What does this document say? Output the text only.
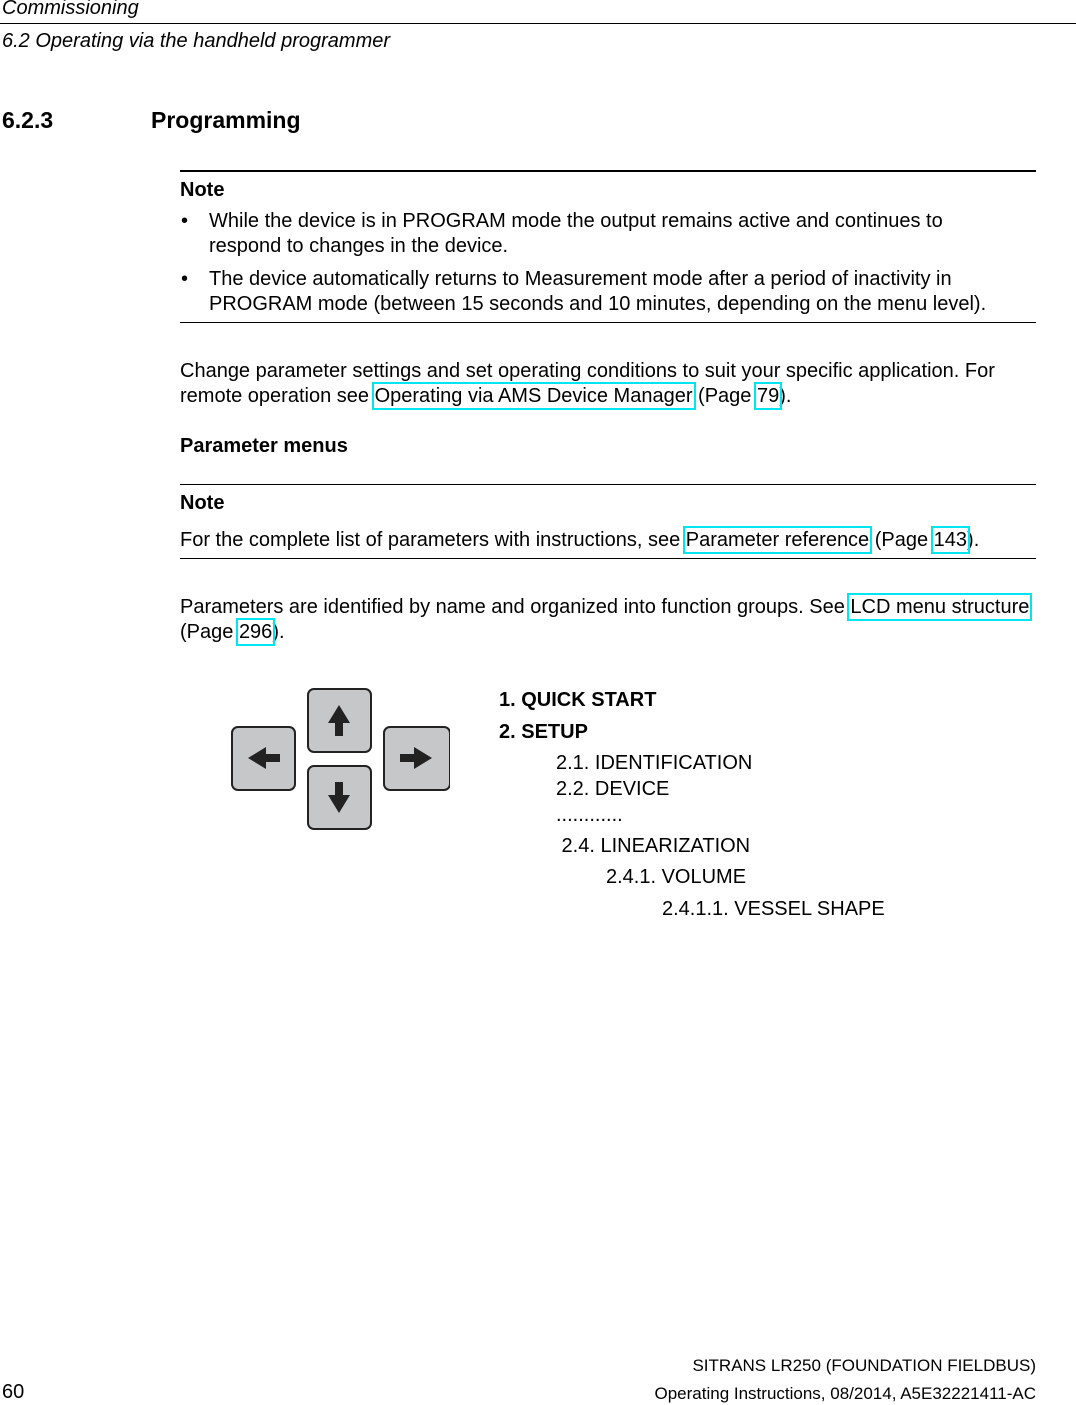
Commissioning
6.2 Operating via the handheld programmer
6.2.3	Programming
Note
• While the device is in PROGRAM mode the output remains active and continues to respond to changes in the device.
• The device automatically returns to Measurement mode after a period of inactivity in PROGRAM mode (between 15 seconds and 10 minutes, depending on the menu level).
Change parameter settings and set operating conditions to suit your specific application. For remote operation see Operating via AMS Device Manager (Page 79).
Parameter menus
Note
For the complete list of parameters with instructions, see Parameter reference (Page 143).
Parameters are identified by name and organized into function groups. See LCD menu structure (Page 296).
1. QUICK START
2. SETUP
2.1. IDENTIFICATION
2.2. DEVICE
............
2.4. LINEARIZATION
2.4.1. VOLUME
2.4.1.1. VESSEL SHAPE
SITRANS LR250 (FOUNDATION FIELDBUS)
60	Operating Instructions, 08/2014, A5E32221411-AC
